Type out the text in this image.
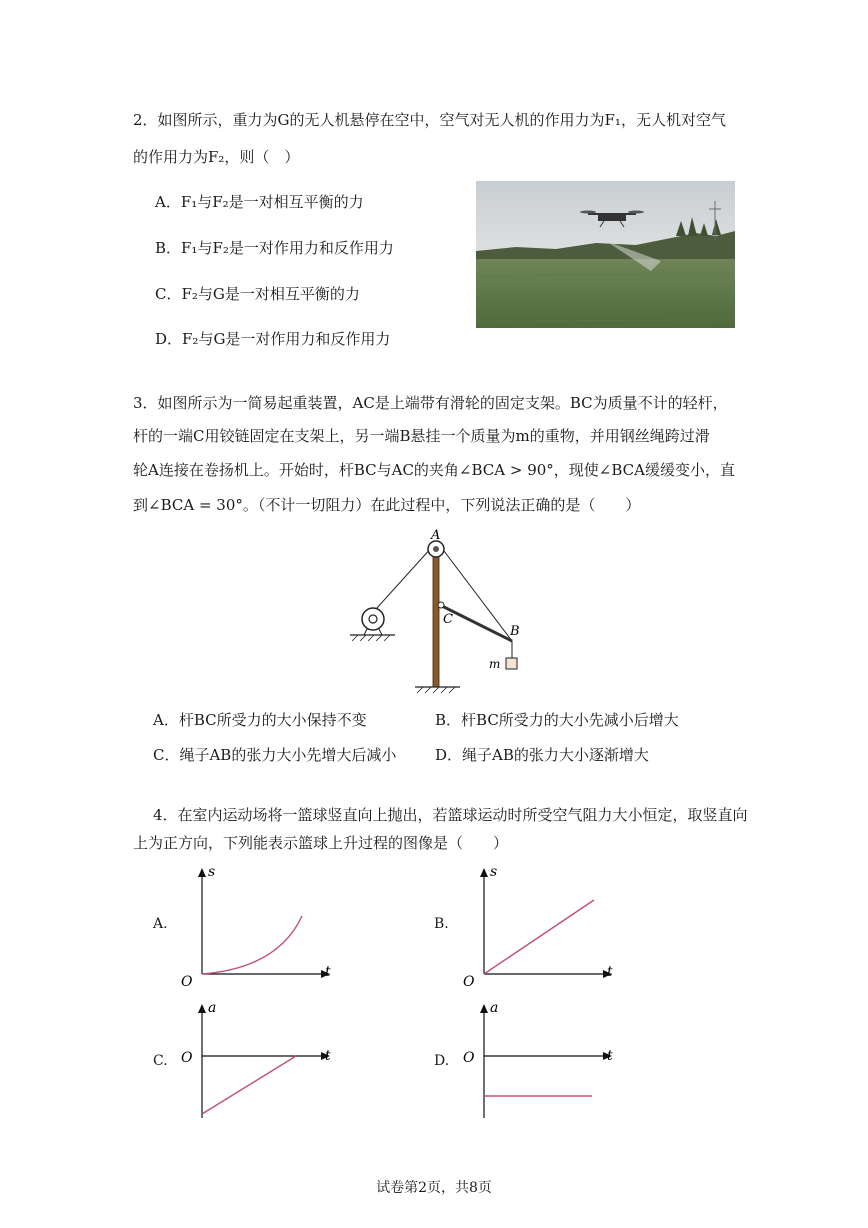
2．如图所示，重力为G的无人机悬停在空中，空气对无人机的作用力为F₁，无人机对空气
的作用力为F₂，则（　）
A．F₁与F₂是一对相互平衡的力
B．F₁与F₂是一对作用力和反作用力
C．F₂与G是一对相互平衡的力
D．F₂与G是一对作用力和反作用力
3．如图所示为一简易起重装置，AC是上端带有滑轮的固定支架。BC为质量不计的轻杆，
杆的一端C用铰链固定在支架上，另一端B悬挂一个质量为m的重物，并用钢丝绳跨过滑
轮A连接在卷扬机上。开始时，杆BC与AC的夹角∠BCA > 90°，现使∠BCA缓缓变小，直
到∠BCA = 30°。（不计一切阻力）在此过程中，下列说法正确的是（　　）
A
C
B
m
A．杆BC所受力的大小保持不变	B．杆BC所受力的大小先减小后增大
C．绳子AB的张力大小先增大后减小	D．绳子AB的张力大小逐渐增大
4．在室内运动场将一篮球竖直向上抛出，若篮球运动时所受空气阻力大小恒定，取竖直向
上为正方向，下列能表示篮球上升过程的图像是（　　）
A.
s
t
O
B.
s
t
O
C.
a
t
O	D.
a
t
O
试卷第2页，共8页
